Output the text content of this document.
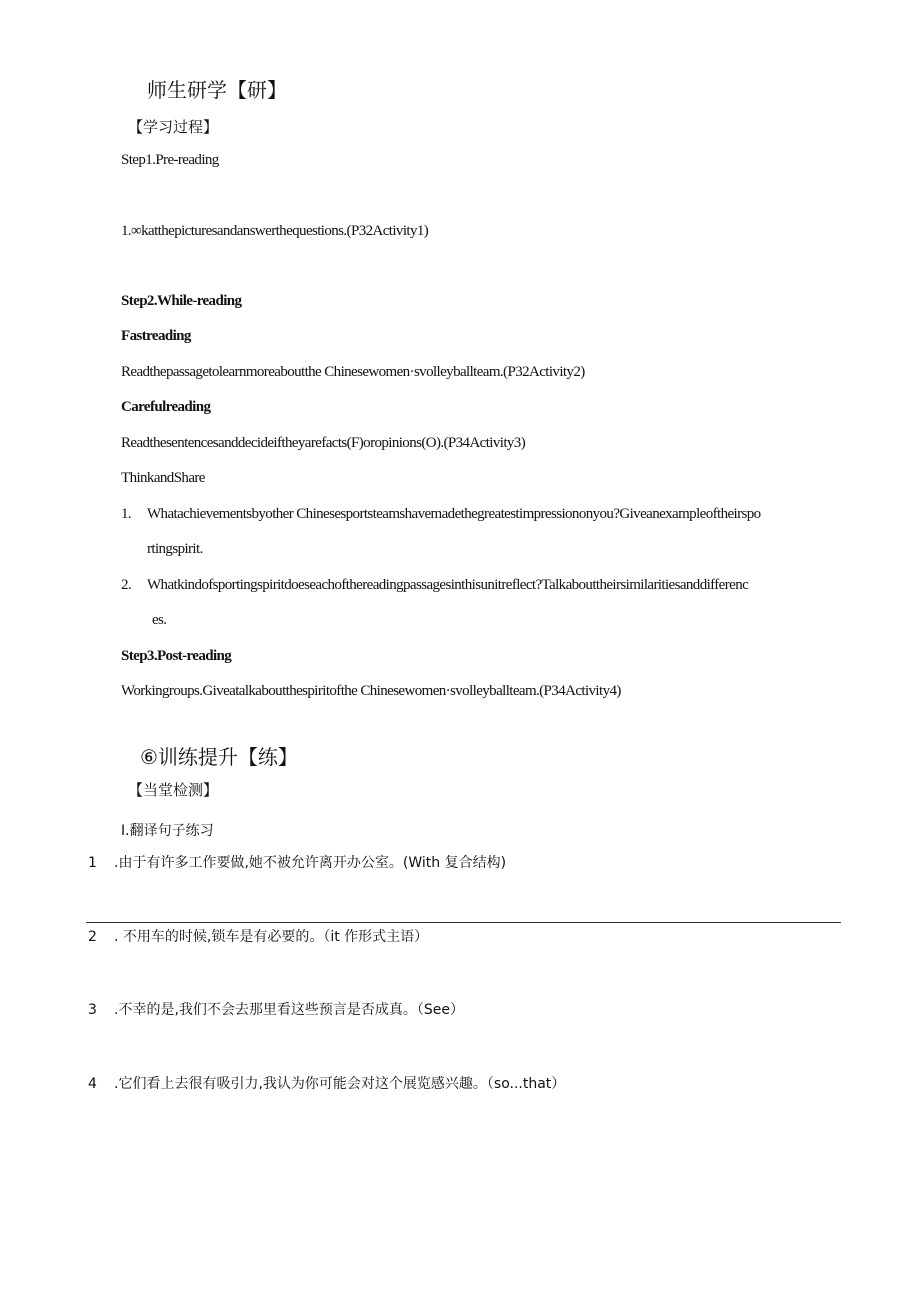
师生研学【研】
【学习过程】
Step1.Pre-reading
1.∞katthepicturesandanswerthequestions.(P32Activity1)
Step2.While-reading
Fastreading
Readthepassagetolearnmoreaboutthe Chinesewomen·svolleyballteam.(P32Activity2)
Carefulreading
Readthesentencesanddecideiftheyarefacts(F)oropinions(O).(P34Activity3)
ThinkandShare
1. Whatachievementsbyother Chinesesportsteamshavemadethegreatestimpressiononyou?Giveanexampleoftheirspo
rtingspirit.
2. Whatkindofsportingspiritdoeseachofthereadingpassagesinthisunitreflect?Talkabouttheirsimilaritiesanddifferenc
es.
Step3.Post-reading
Workingroups.Giveatalkaboutthespiritofthe Chinesewomen·svolleyballteam.(P34Activity4)
⑥训练提升【练】
【当堂检测】
I.翻译句子练习
1 .由于有许多工作要做,她不被允许离开办公室。(With 复合结构)
2 . 不用车的时候,锁车是有必要的。（it 作形式主语）
3 .不幸的是,我们不会去那里看这些预言是否成真。（See）
4 .它们看上去很有吸引力,我认为你可能会对这个展览感兴趣。（so...that）
